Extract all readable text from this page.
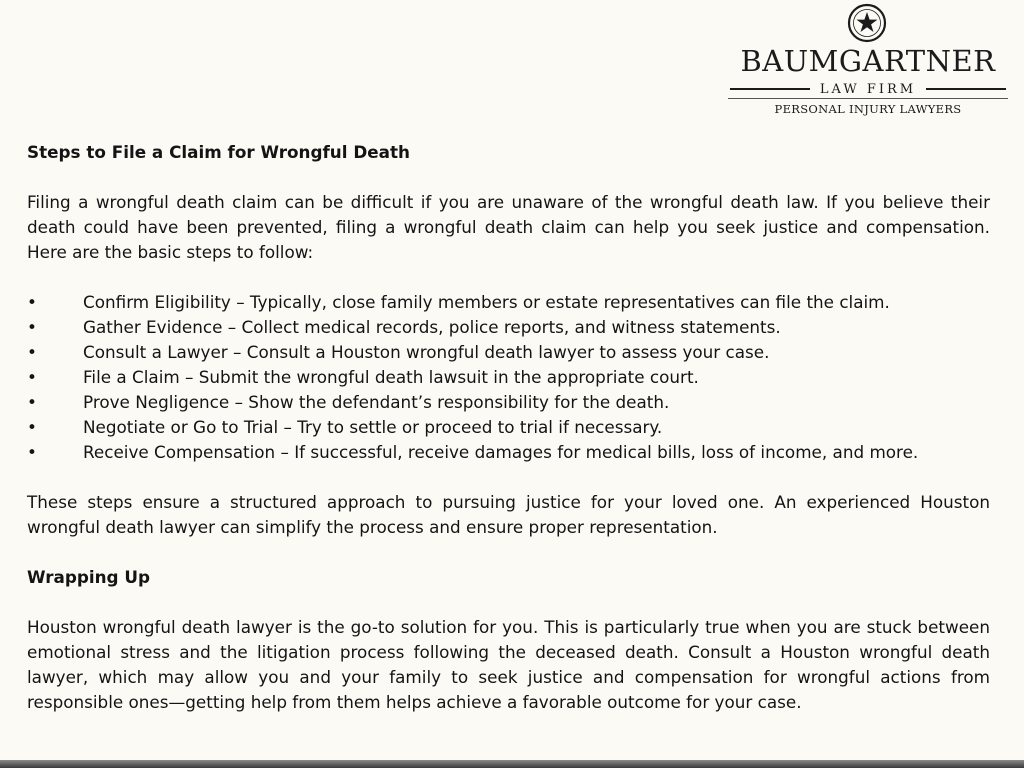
BAUMGARTNER
LAW FIRM
PERSONAL INJURY LAWYERS
Steps to File a Claim for Wrongful Death

Filing a wrongful death claim can be difficult if you are unaware of the wrongful death law. If you believe their death could have been prevented, filing a wrongful death claim can help you seek justice and compensation. Here are the basic steps to follow:

•	Confirm Eligibility – Typically, close family members or estate representatives can file the claim.
•	Gather Evidence – Collect medical records, police reports, and witness statements.
•	Consult a Lawyer – Consult a Houston wrongful death lawyer to assess your case.
•	File a Claim – Submit the wrongful death lawsuit in the appropriate court.
•	Prove Negligence – Show the defendant’s responsibility for the death.
•	Negotiate or Go to Trial – Try to settle or proceed to trial if necessary.
•	Receive Compensation – If successful, receive damages for medical bills, loss of income, and more.

These steps ensure a structured approach to pursuing justice for your loved one. An experienced Houston wrongful death lawyer can simplify the process and ensure proper representation.

Wrapping Up

Houston wrongful death lawyer is the go-to solution for you. This is particularly true when you are stuck between emotional stress and the litigation process following the deceased death. Consult a Houston wrongful death lawyer, which may allow you and your family to seek justice and compensation for wrongful actions from responsible ones—getting help from them helps achieve a favorable outcome for your case.
